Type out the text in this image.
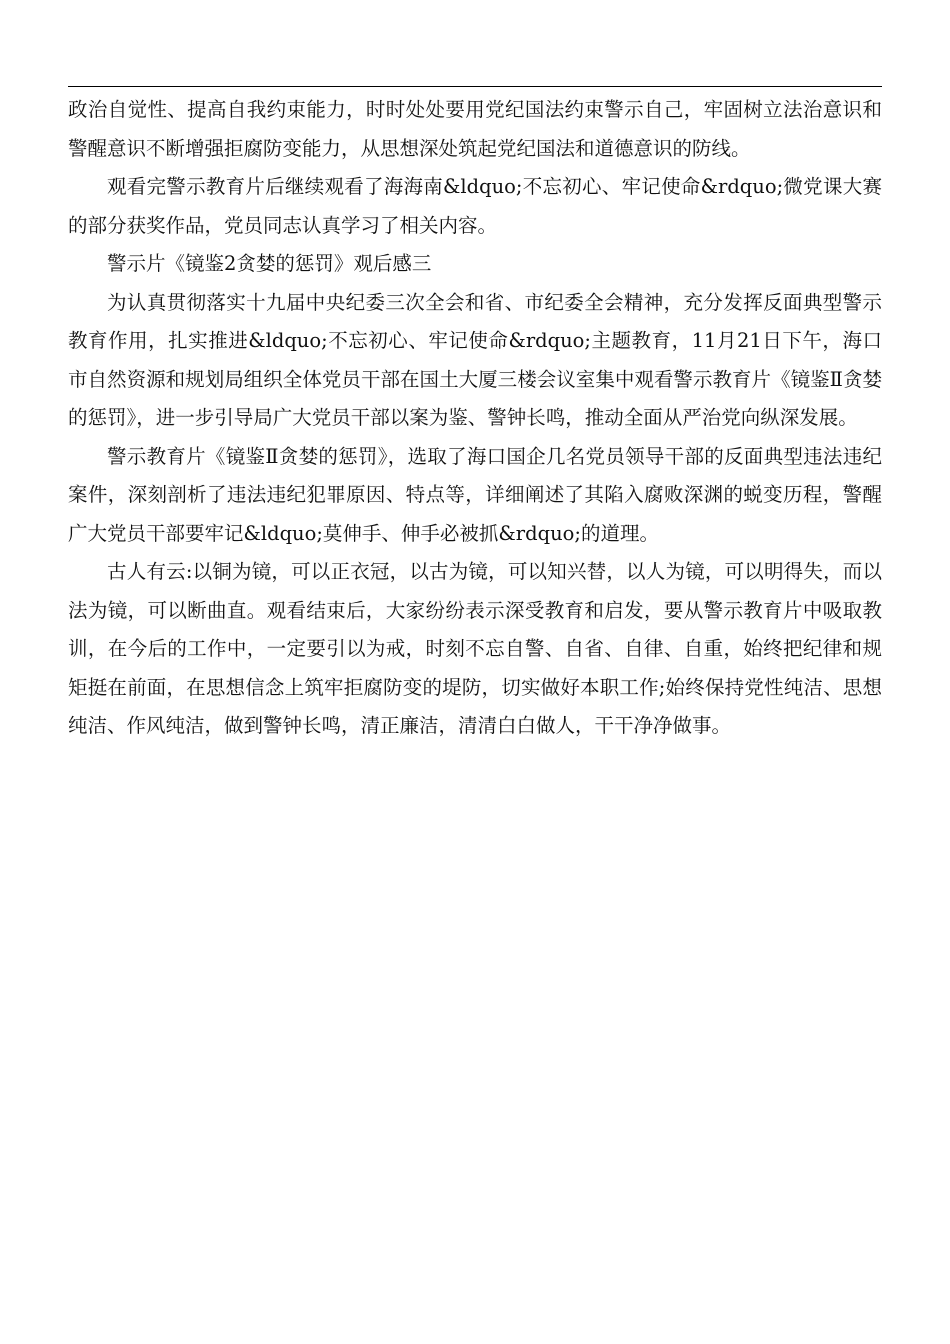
政治自觉性、提高自我约束能力，时时处处要用党纪国法约束警示自己，牢固树立法治意识和警醒意识不断增强拒腐防变能力，从思想深处筑起党纪国法和道德意识的防线。

观看完警示教育片后继续观看了海海南&ldquo;不忘初心、牢记使命&rdquo;微党课大赛的部分获奖作品，党员同志认真学习了相关内容。

警示片《镜鉴2贪婪的惩罚》观后感三

为认真贯彻落实十九届中央纪委三次全会和省、市纪委全会精神，充分发挥反面典型警示教育作用，扎实推进&ldquo;不忘初心、牢记使命&rdquo;主题教育，11月21日下午，海口市自然资源和规划局组织全体党员干部在国土大厦三楼会议室集中观看警示教育片《镜鉴Ⅱ贪婪的惩罚》，进一步引导局广大党员干部以案为鉴、警钟长鸣，推动全面从严治党向纵深发展。

警示教育片《镜鉴Ⅱ贪婪的惩罚》，选取了海口国企几名党员领导干部的反面典型违法违纪案件，深刻剖析了违法违纪犯罪原因、特点等，详细阐述了其陷入腐败深渊的蜕变历程，警醒广大党员干部要牢记&ldquo;莫伸手、伸手必被抓&rdquo;的道理。

古人有云:以铜为镜，可以正衣冠，以古为镜，可以知兴替，以人为镜，可以明得失，而以法为镜，可以断曲直。观看结束后，大家纷纷表示深受教育和启发，要从警示教育片中吸取教训，在今后的工作中，一定要引以为戒，时刻不忘自警、自省、自律、自重，始终把纪律和规矩挺在前面，在思想信念上筑牢拒腐防变的堤防，切实做好本职工作;始终保持党性纯洁、思想纯洁、作风纯洁，做到警钟长鸣，清正廉洁，清清白白做人，干干净净做事。
